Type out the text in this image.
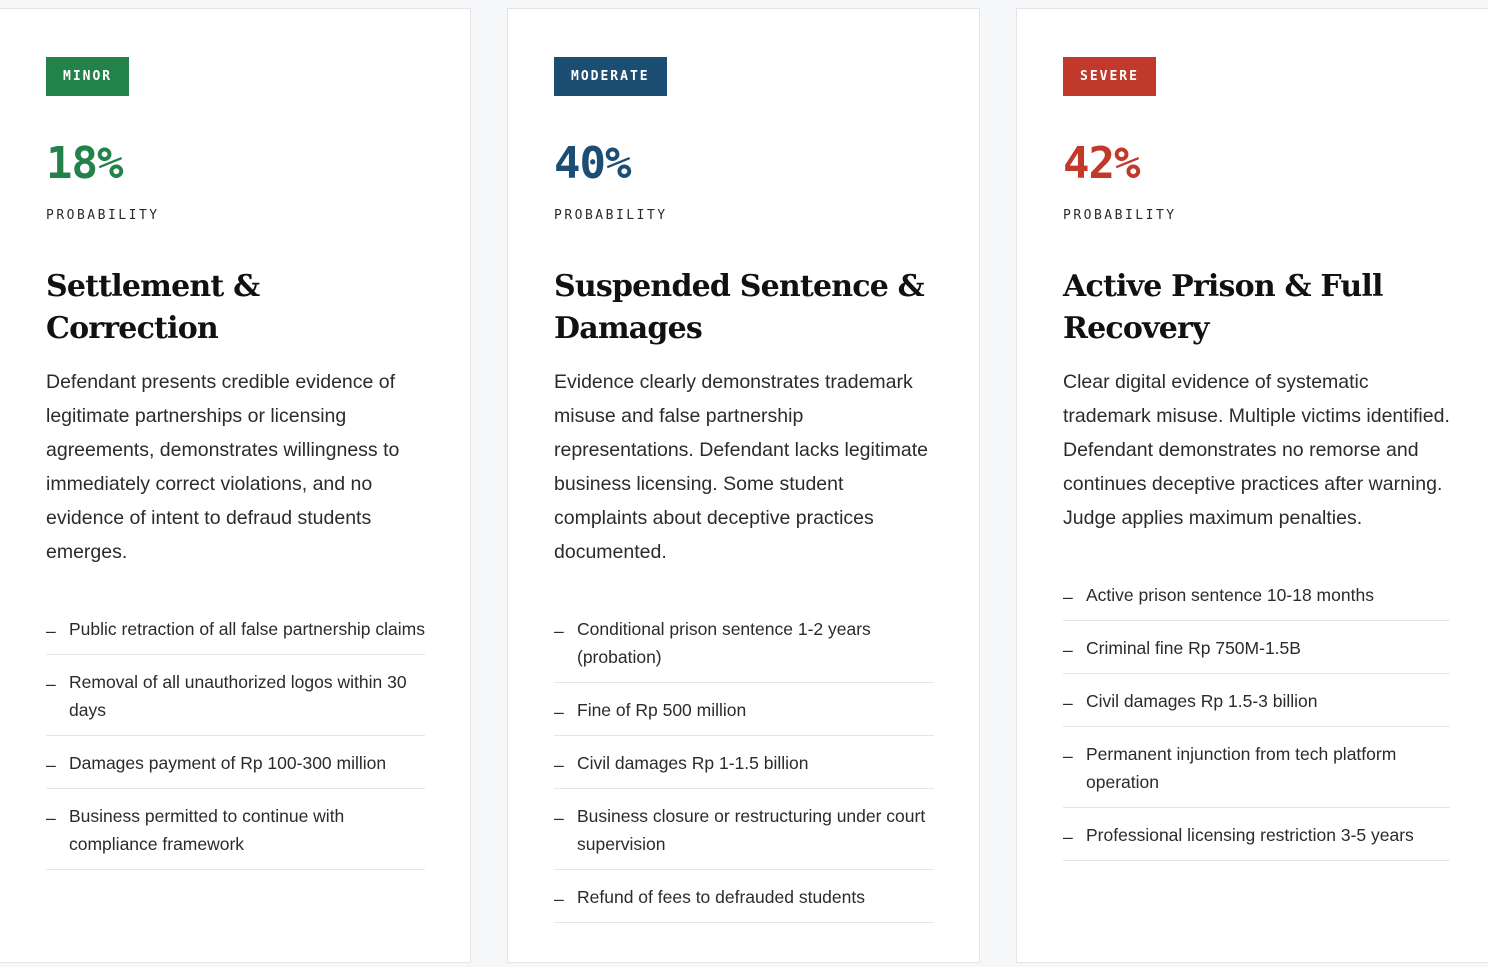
MINOR
18%
PROBABILITY
Settlement & Correction

Defendant presents credible evidence of legitimate partnerships or licensing agreements, demonstrates willingness to immediately correct violations, and no evidence of intent to defraud students emerges.

– Public retraction of all false partnership claims
– Removal of all unauthorized logos within 30 days
– Damages payment of Rp 100-300 million
– Business permitted to continue with compliance framework
MODERATE
40%
PROBABILITY
Suspended Sentence & Damages

Evidence clearly demonstrates trademark misuse and false partnership representations. Defendant lacks legitimate business licensing. Some student complaints about deceptive practices documented.

– Conditional prison sentence 1-2 years (probation)
– Fine of Rp 500 million
– Civil damages Rp 1-1.5 billion
– Business closure or restructuring under court supervision
– Refund of fees to defrauded students
SEVERE
42%
PROBABILITY
Active Prison & Full Recovery

Clear digital evidence of systematic trademark misuse. Multiple victims identified. Defendant demonstrates no remorse and continues deceptive practices after warning. Judge applies maximum penalties.

– Active prison sentence 10-18 months
– Criminal fine Rp 750M-1.5B
– Civil damages Rp 1.5-3 billion
– Permanent injunction from tech platform operation
– Professional licensing restriction 3-5 years
